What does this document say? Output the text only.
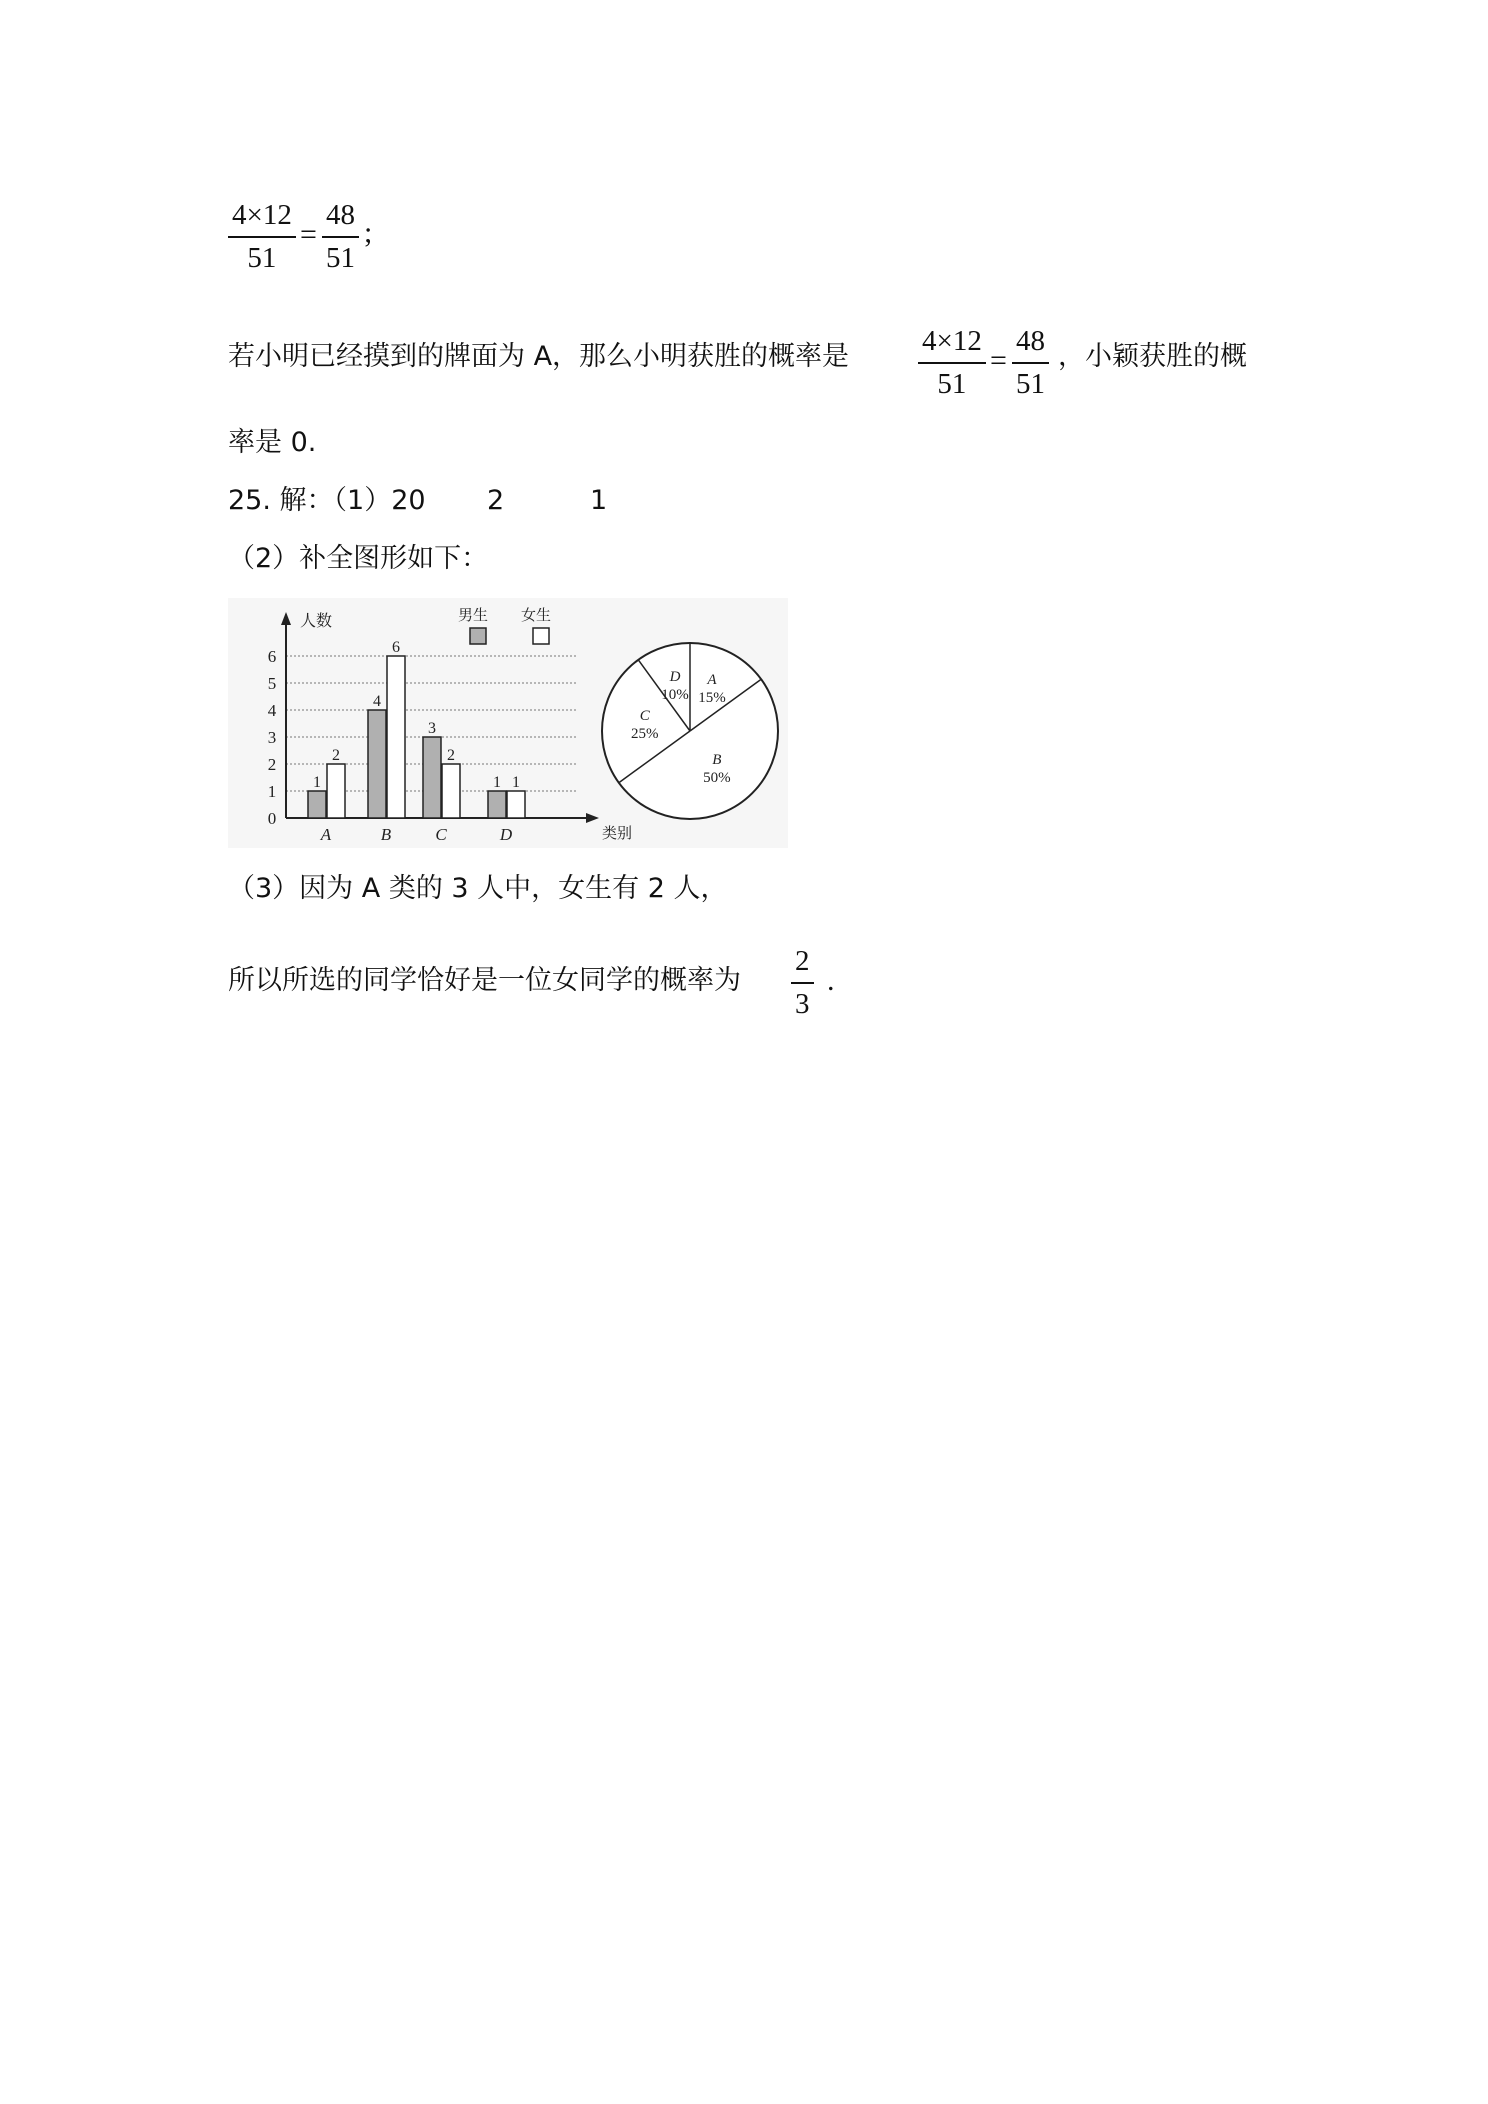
4×12
51
=
48
51
;
若小明已经摸到的牌面为 A，那么小明获胜的概率是	4×12
51
=
48
51
，小颖获胜的概
率是 0.
25. 解：（1）20 2	1
（2）补全图形如下：
0
1
2
3
4
5
6
人数
类别
男生 女生
1
2
A
4
6
B
3
2
C
1 1
D
A
15%
B
50%
C
25%
D
10%
（3）因为 A 类的 3 人中，女生有 2 人，
所以所选的同学恰好是一位女同学的概率为
2
3
.
